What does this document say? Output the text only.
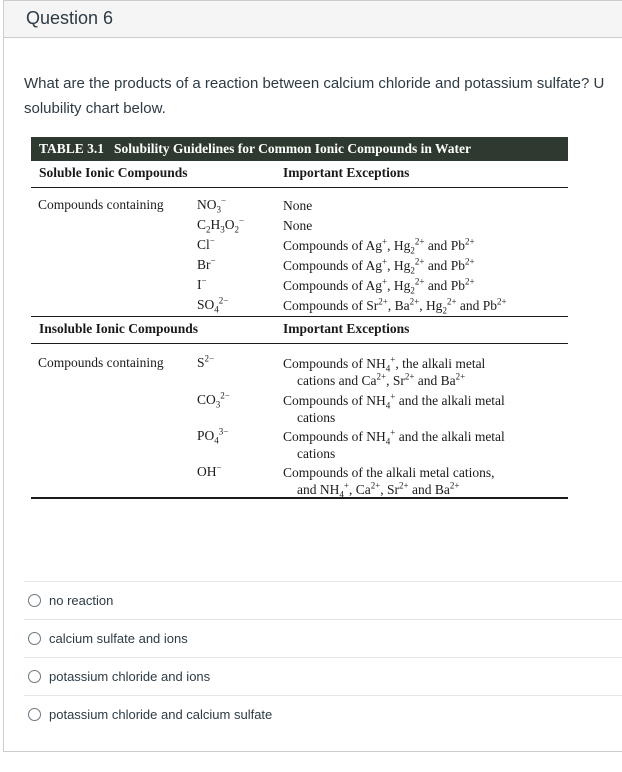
Question 6
What are the products of a reaction between calcium chloride and potassium sulfate? U
solubility chart below.
TABLE 3.1 Solubility Guidelines for Common Ionic Compounds in Water
Soluble Ionic Compounds	Important Exceptions
Compounds containing $NO_3^-$	None
$C_2H_3O_2^-$	None
Cl−	Compounds of Ag+, $Hg_2^{2+}$ and $Pb^{2+}$
Br−	Compounds of Ag+, $Hg_2^{2+}$ and $Pb^{2+}$
I−	Compounds of Ag+, $Hg_2^{2+}$ and $Pb^{2+}$
$SO_4^{2-}$	Compounds of $Sr^{2+}$, $Ba^{2+}$, $Hg_2^{2+}$ and $Pb^{2+}$
Insoluble Ionic Compounds	Important Exceptions
Compounds containing $S^{2-}$	Compounds of $NH_4^+$, the alkali metal
cations and $Ca^{2+}$, $Sr^{2+}$ and $Ba^{2+}$
$CO_3^{2-}$	Compounds of $NH_4^+$ and the alkali metal
cations
$PO_4^{3-}$	Compounds of $NH_4^+$ and the alkali metal
cations
OH−	Compounds of the alkali metal cations,
and $NH_4^+$, $Ca^{2+}$, $Sr^{2+}$ and $Ba^{2+}$
no reaction
calcium sulfate and ions
potassium chloride and ions
potassium chloride and calcium sulfate
